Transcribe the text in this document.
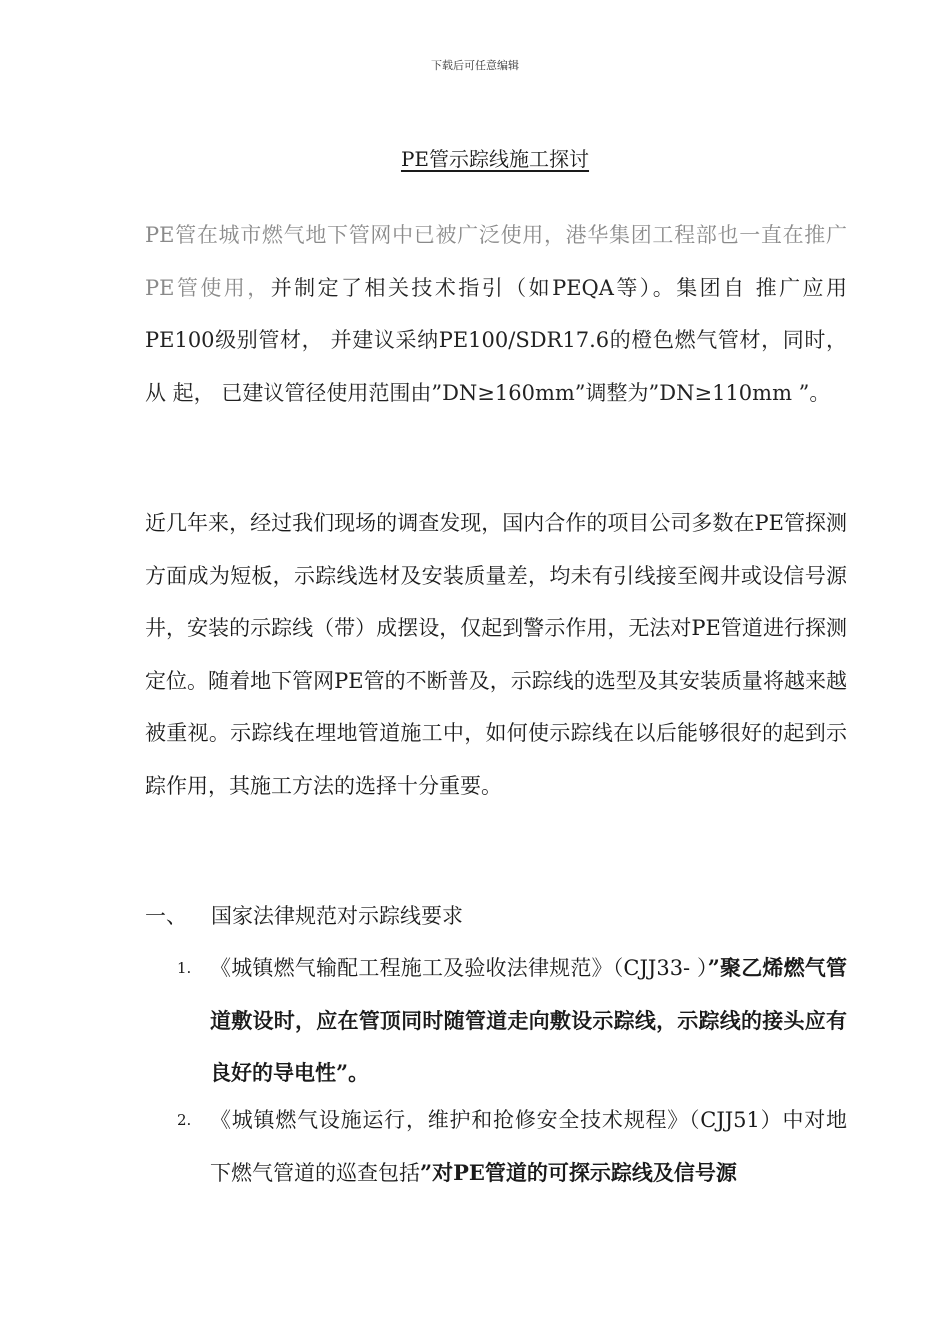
下载后可任意编辑
PE管示踪线施工探讨
PE管在城市燃气地下管网中已被广泛使用，港华集团工程部也一直在推广PE管使用，并制定了相关技术指引（如PEQA等）。集团自 推广应用PE100级别管材， 并建议采纳PE100/SDR17.6的橙色燃气管材，同时， 从 起， 已建议管径使用范围由”DN≥160mm”调整为”DN≥110mm ”。
近几年来，经过我们现场的调查发现，国内合作的项目公司多数在PE管探测方面成为短板，示踪线选材及安装质量差，均未有引线接至阀井或设信号源井，安装的示踪线（带）成摆设，仅起到警示作用，无法对PE管道进行探测定位。随着地下管网PE管的不断普及，示踪线的选型及其安装质量将越来越被重视。示踪线在埋地管道施工中，如何使示踪线在以后能够很好的起到示踪作用，其施工方法的选择十分重要。
一、 国家法律规范对示踪线要求
1. 《城镇燃气输配工程施工及验收法律规范》（CJJ33- ）”聚乙烯燃气管道敷设时，应在管顶同时随管道走向敷设示踪线，示踪线的接头应有良好的导电性”。
2. 《城镇燃气设施运行，维护和抢修安全技术规程》（CJJ51）中对地下燃气管道的巡查包括”对PE管道的可探示踪线及信号源
